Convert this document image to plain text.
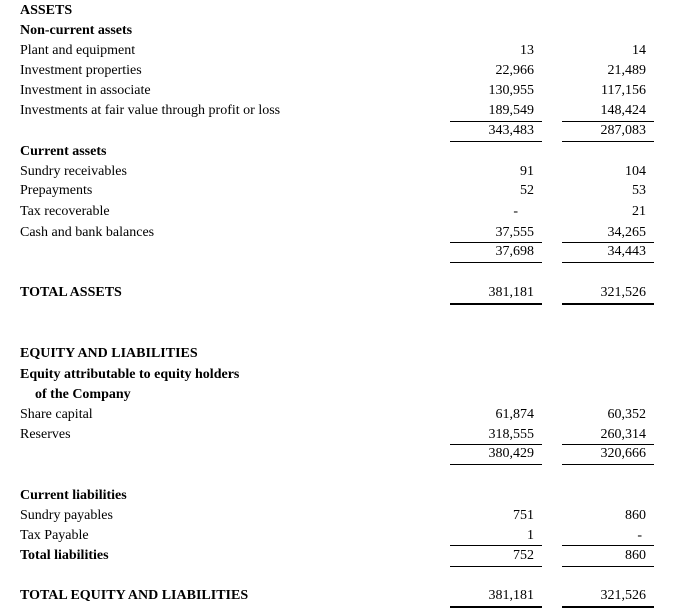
ASSETS
Non-current assets
Plant and equipment	13	14
Investment properties	22,966	21,489
Investment in associate	130,955	117,156
Investments at fair value through profit or loss	189,549	148,424
343,483	287,083
Current assets
Sundry receivables	91	104
Prepayments	52	53
Tax recoverable	-	21
Cash and bank balances	37,555	34,265
37,698	34,443
TOTAL ASSETS	381,181	321,526
EQUITY AND LIABILITIES
Equity attributable to equity holders
of the Company
Share capital	61,874	60,352
Reserves	318,555	260,314
380,429	320,666
Current liabilities
Sundry payables	751	860
Tax Payable	1	-
Total liabilities	752	860
TOTAL EQUITY AND LIABILITIES	381,181	321,526
